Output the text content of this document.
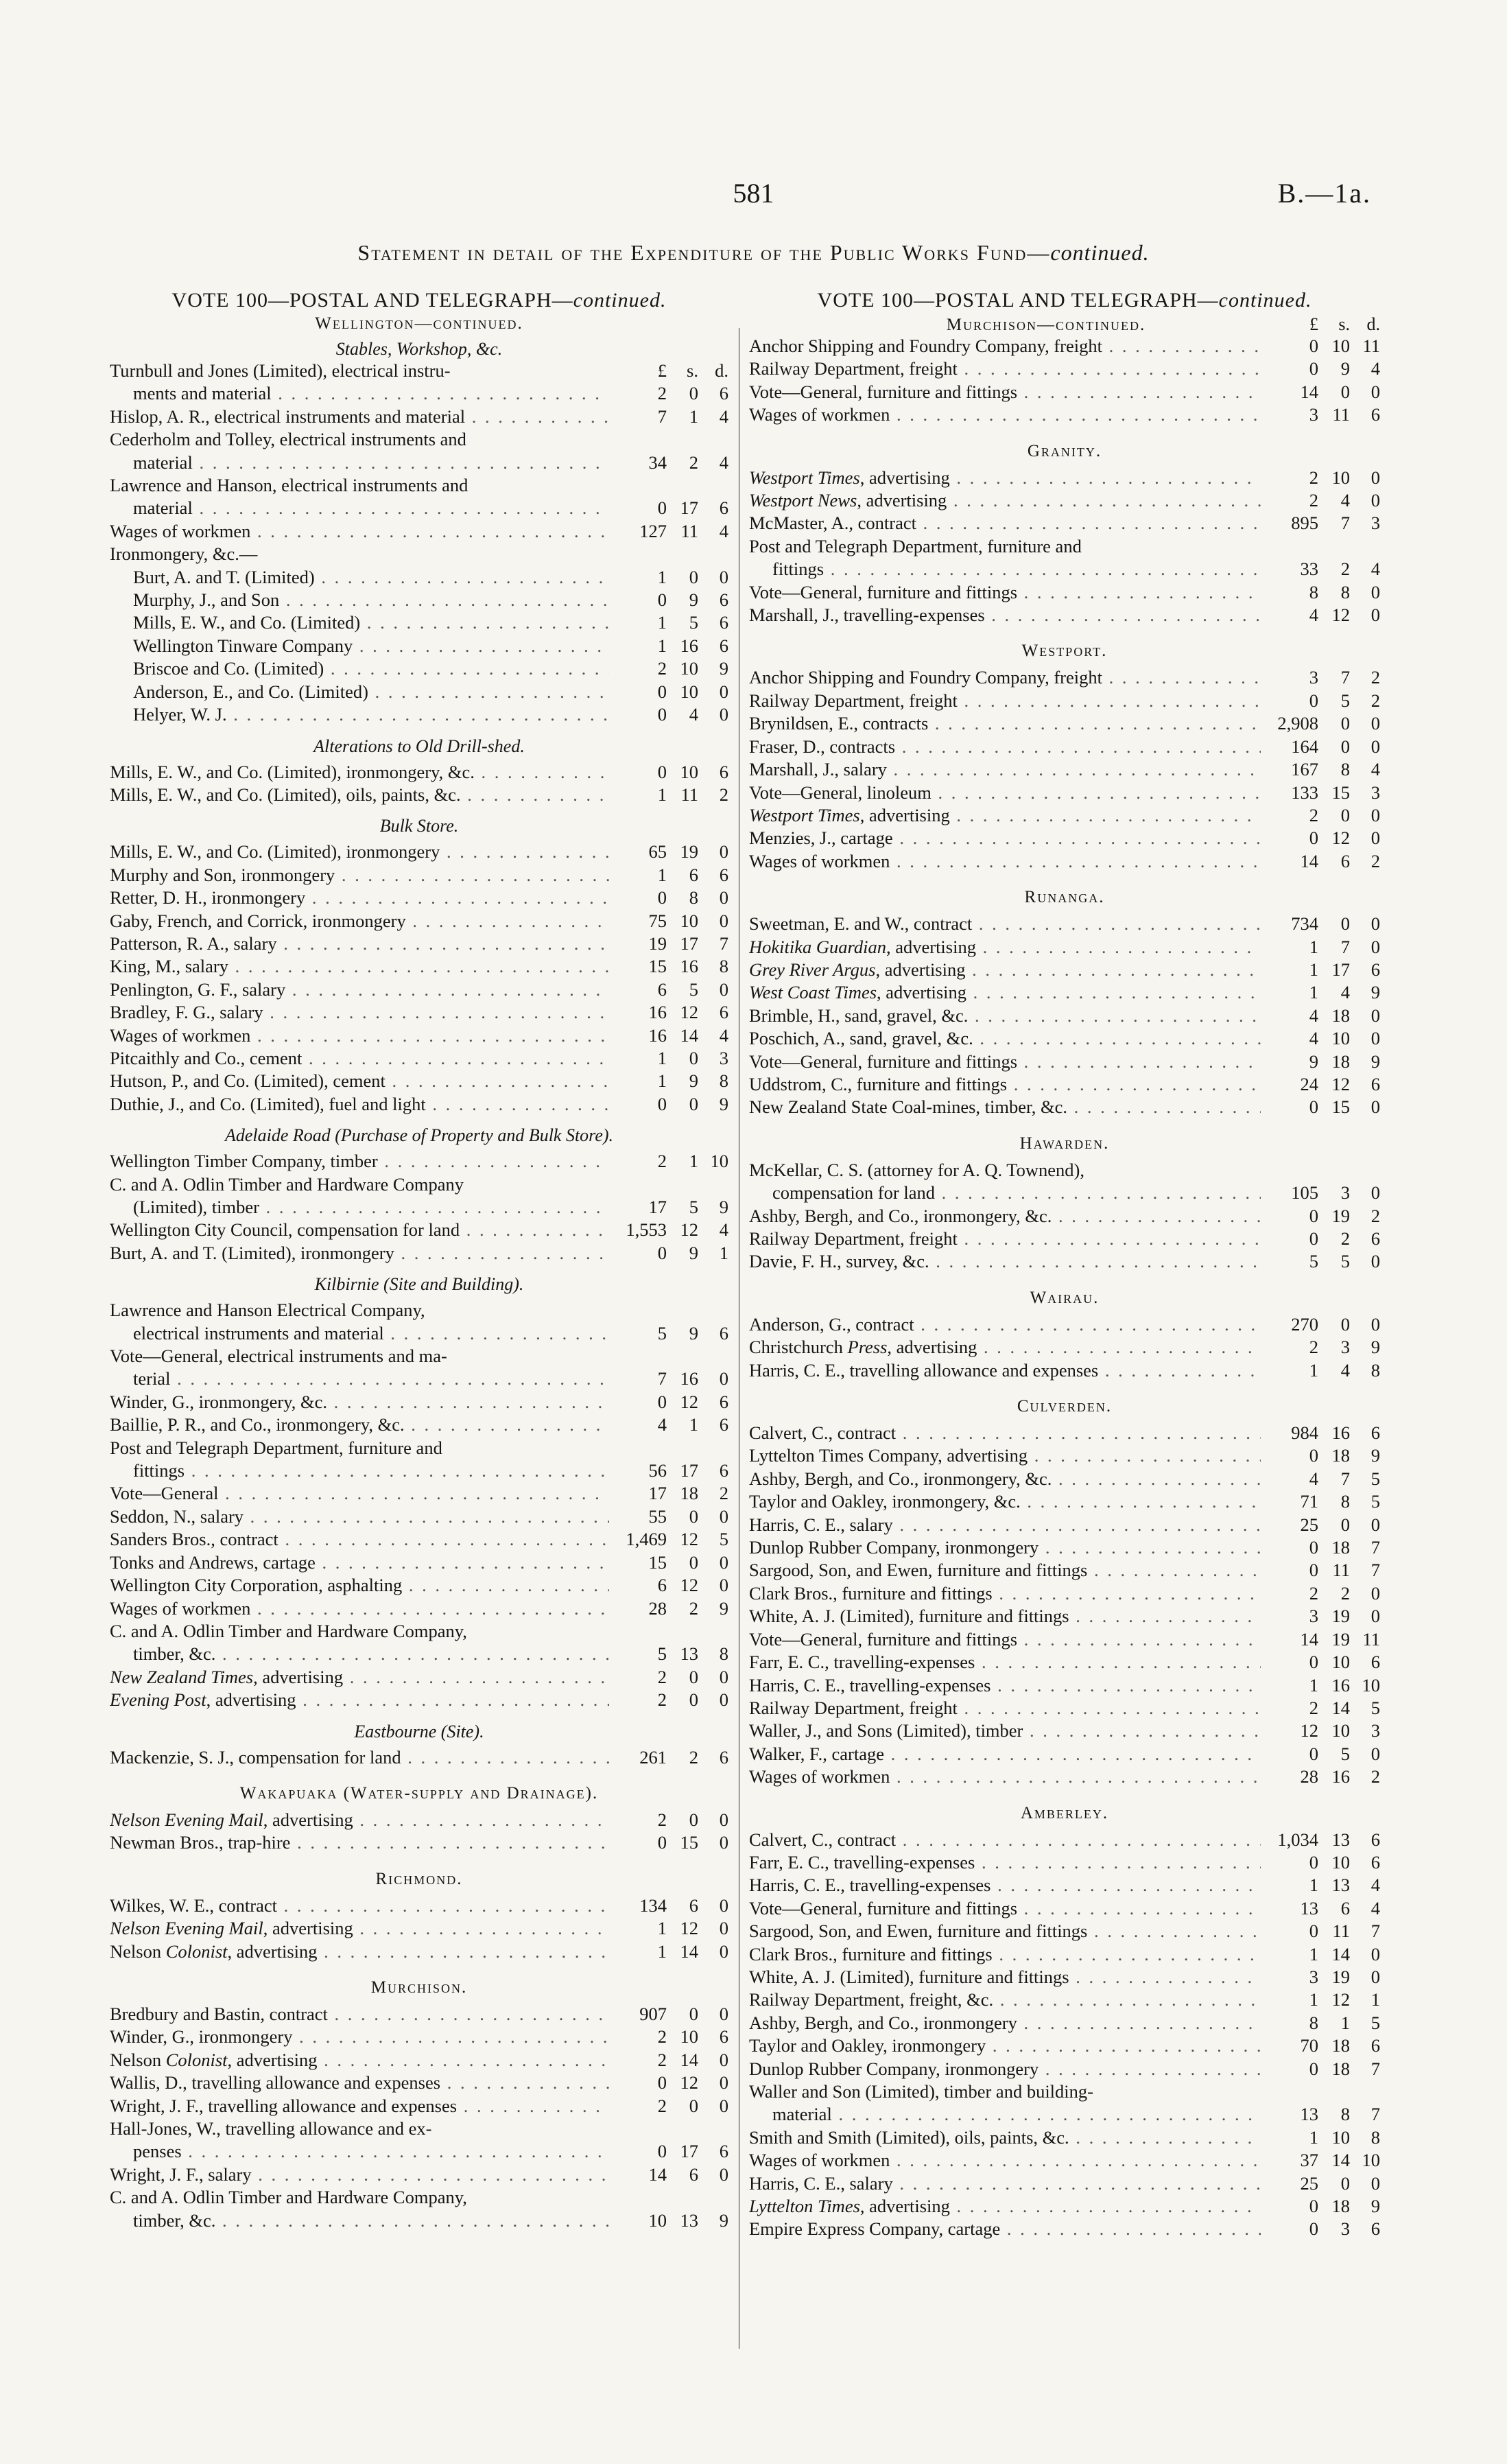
581	B.—1a.
Statement in detail of the Expenditure of the Public Works Fund—continued.
VOTE 100—POSTAL AND TELEGRAPH—continued.
Wellington—continued.
Stables, Workshop, &c.
Turnbull and Jones (Limited), electrical instru-	£	s. d.
ments and material . . .	2	0	6
Hislop, A. R., electrical instruments and material . . .	7	1	4
Cederholm and Tolley, electrical instruments and
material . . .	34	2	4
Lawrence and Hanson, electrical instruments and
material . . .	0 17	6
Wages of workmen . . .	127 11	4
Ironmongery, &c.—
Burt, A. and T. (Limited) . . .	1	0	0
Murphy, J., and Son . . .	0	9	6
Mills, E. W., and Co. (Limited) . . .	1	5	6
Wellington Tinware Company . . .	1 16	6
Briscoe and Co. (Limited) . . .	2 10	9
Anderson, E., and Co. (Limited) . . .	0 10	0
Helyer, W. J. . . .	0	4	0
Alterations to Old Drill-shed.
Mills, E. W., and Co. (Limited), ironmongery, &c. . . .	0 10	6
Mills, E. W., and Co. (Limited), oils, paints, &c. . . .	1 11	2
Bulk Store.
Mills, E. W., and Co. (Limited), ironmongery . . .	65 19	0
Murphy and Son, ironmongery . . .	1	6	6
Retter, D. H., ironmongery . . .	0	8	0
Gaby, French, and Corrick, ironmongery . . .	75 10	0
Patterson, R. A., salary . . .	19 17	7
King, M., salary . . .	15 16	8
Penlington, G. F., salary . . .	6	5	0
Bradley, F. G., salary . . .	16 12	6
Wages of workmen . . .	16 14	4
Pitcaithly and Co., cement . . .	1	0	3
Hutson, P., and Co. (Limited), cement . . .	1	9	8
Duthie, J., and Co. (Limited), fuel and light . . .	0	0	9
Adelaide Road (Purchase of Property and Bulk Store).
Wellington Timber Company, timber . . .	2	1 10
C. and A. Odlin Timber and Hardware Company
(Limited), timber . . .	17	5	9
Wellington City Council, compensation for land . . .	1,553 12	4
Burt, A. and T. (Limited), ironmongery . . .	0	9	1
Kilbirnie (Site and Building).
Lawrence and Hanson Electrical Company,
electrical instruments and material . . .	5	9	6
Vote—General, electrical instruments and ma-
terial . . .	7 16	0
Winder, G., ironmongery, &c. . . .	0 12	6
Baillie, P. R., and Co., ironmongery, &c. . . .	4	1	6
Post and Telegraph Department, furniture and
fittings . . .	56 17	6
Vote—General . . .	17 18	2
Seddon, N., salary . . .	55	0	0
Sanders Bros., contract . . .	1,469 12	5
Tonks and Andrews, cartage . . .	15	0	0
Wellington City Corporation, asphalting . . .	6 12	0
Wages of workmen . . .	28	2	9
C. and A. Odlin Timber and Hardware Company,
timber, &c. . . .	5 13	8
New Zealand Times, advertising . . .	2	0	0
Evening Post, advertising . . .	2	0	0
Eastbourne (Site).
Mackenzie, S. J., compensation for land . . .	261	2	6
Wakapuaka (Water-supply and Drainage).
Nelson Evening Mail, advertising . . .	2	0	0
Newman Bros., trap-hire . . .	0 15	0
Richmond.
Wilkes, W. E., contract . . .	134	6	0
Nelson Evening Mail, advertising . . .	1 12	0
Nelson Colonist, advertising . . .	1 14	0
Murchison.
Bredbury and Bastin, contract . . .	907	0	0
Winder, G., ironmongery . . .	2 10	6
Nelson Colonist, advertising . . .	2 14	0
Wallis, D., travelling allowance and expenses . . .	0 12	0
Wright, J. F., travelling allowance and expenses . . .	2	0	0
Hall-Jones, W., travelling allowance and ex-
penses . . .	0 17	6
Wright, J. F., salary . . .	14	6	0
C. and A. Odlin Timber and Hardware Company,
timber, &c. . . .	10 13	9
VOTE 100—POSTAL AND TELEGRAPH—continued.
Murchison—continued.	£	s. d.
Anchor Shipping and Foundry Company, freight . . .	0 10 11
Railway Department, freight . . .	0	9	4
Vote—General, furniture and fittings . . .	14	0	0
Wages of workmen . . .	3 11	6
Granity.
Westport Times, advertising . . .	2 10	0
Westport News, advertising . . .	2	4	0
McMaster, A., contract . . .	895	7	3
Post and Telegraph Department, furniture and
fittings . . .	33	2	4
Vote—General, furniture and fittings . . .	8	8	0
Marshall, J., travelling-expenses . . .	4 12	0
Westport.
Anchor Shipping and Foundry Company, freight . . .	3	7	2
Railway Department, freight . . .	0	5	2
Brynildsen, E., contracts . . .	2,908	0	0
Fraser, D., contracts . . .	164	0	0
Marshall, J., salary . . .	167	8	4
Vote—General, linoleum . . .	133 15	3
Westport Times, advertising . . .	2	0	0
Menzies, J., cartage . . .	0 12	0
Wages of workmen . . .	14	6	2
Runanga.
Sweetman, E. and W., contract . . .	734	0	0
Hokitika Guardian, advertising . . .	1	7	0
Grey River Argus, advertising . . .	1 17	6
West Coast Times, advertising . . .	1	4	9
Brimble, H., sand, gravel, &c. . . .	4 18	0
Poschich, A., sand, gravel, &c. . . .	4 10	0
Vote—General, furniture and fittings . . .	9 18	9
Uddstrom, C., furniture and fittings . . .	24 12	6
New Zealand State Coal-mines, timber, &c. . . .	0 15	0
Hawarden.
McKellar, C. S. (attorney for A. Q. Townend),
compensation for land . . .	105	3	0
Ashby, Bergh, and Co., ironmongery, &c. . . .	0 19	2
Railway Department, freight . . .	0	2	6
Davie, F. H., survey, &c. . . .	5	5	0
Wairau.
Anderson, G., contract . . .	270	0	0
Christchurch Press, advertising . . .	2	3	9
Harris, C. E., travelling allowance and expenses . . .	1	4	8
Culverden.
Calvert, C., contract . . .	984 16	6
Lyttelton Times Company, advertising . . .	0 18	9
Ashby, Bergh, and Co., ironmongery, &c. . . .	4	7	5
Taylor and Oakley, ironmongery, &c. . . .	71	8	5
Harris, C. E., salary . . .	25	0	0
Dunlop Rubber Company, ironmongery . . .	0 18	7
Sargood, Son, and Ewen, furniture and fittings . . .	0 11	7
Clark Bros., furniture and fittings . . .	2	2	0
White, A. J. (Limited), furniture and fittings . . .	3 19	0
Vote—General, furniture and fittings . . .	14 19 11
Farr, E. C., travelling-expenses . . .	0 10	6
Harris, C. E., travelling-expenses . . .	1 16 10
Railway Department, freight . . .	2 14	5
Waller, J., and Sons (Limited), timber . . .	12 10	3
Walker, F., cartage . . .	0	5	0
Wages of workmen . . .	28 16	2
Amberley.
Calvert, C., contract . . .	1,034 13	6
Farr, E. C., travelling-expenses . . .	0 10	6
Harris, C. E., travelling-expenses . . .	1 13	4
Vote—General, furniture and fittings . . .	13	6	4
Sargood, Son, and Ewen, furniture and fittings . . .	0 11	7
Clark Bros., furniture and fittings . . .	1 14	0
White, A. J. (Limited), furniture and fittings . . .	3 19	0
Railway Department, freight, &c. . . .	1 12	1
Ashby, Bergh, and Co., ironmongery . . .	8	1	5
Taylor and Oakley, ironmongery . . .	70 18	6
Dunlop Rubber Company, ironmongery . . .	0 18	7
Waller and Son (Limited), timber and building-
material . . .	13	8	7
Smith and Smith (Limited), oils, paints, &c. . . .	1 10	8
Wages of workmen . . .	37 14 10
Harris, C. E., salary . . .	25	0	0
Lyttelton Times, advertising . . .	0 18	9
Empire Express Company, cartage . . .	0	3	6
